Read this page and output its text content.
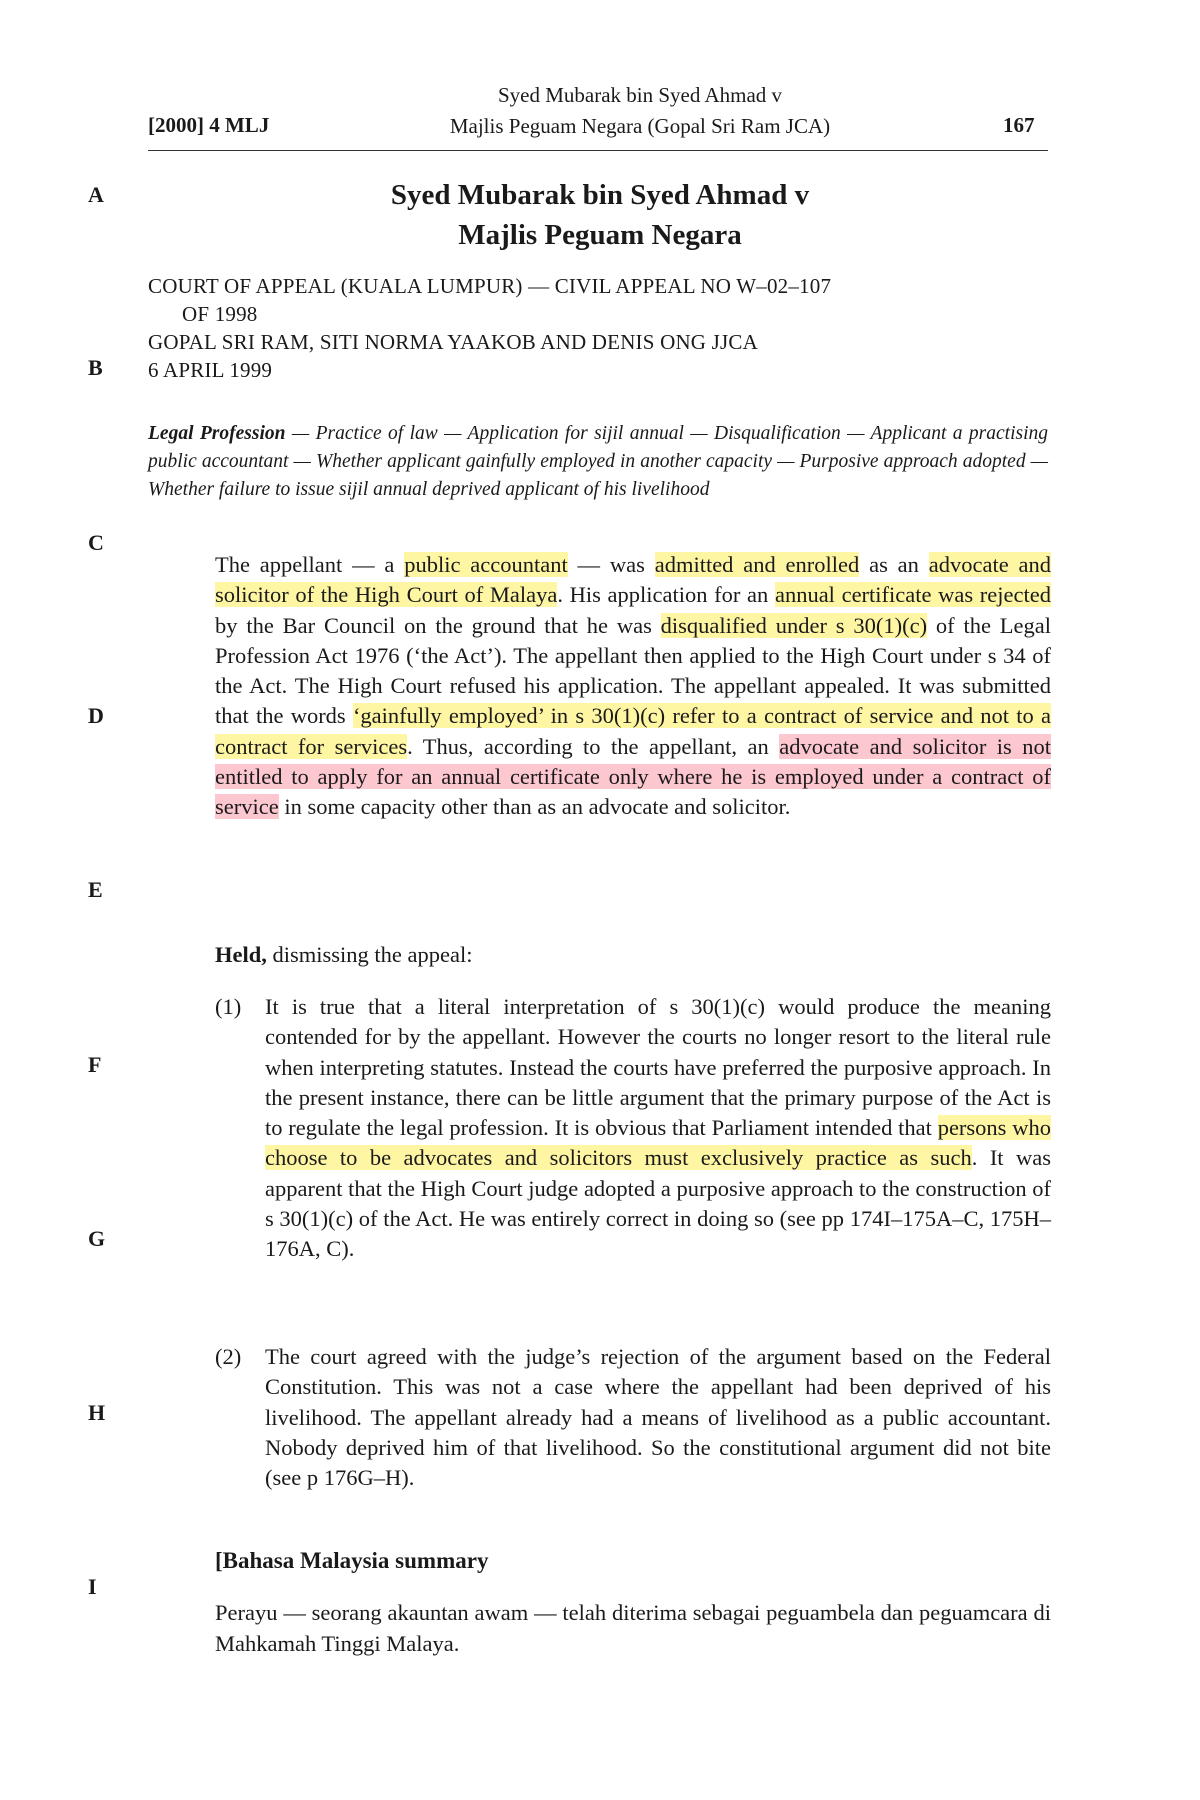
[2000] 4 MLJ
Syed Mubarak bin Syed Ahmad v
Majlis Peguam Negara (Gopal Sri Ram JCA)	167
A
B
C
D
E
F
G
H
I
Syed Mubarak bin Syed Ahmad v
Majlis Peguam Negara
COURT OF APPEAL (KUALA LUMPUR) — CIVIL APPEAL NO W–02–107
OF 1998
GOPAL SRI RAM, SITI NORMA YAAKOB AND DENIS ONG JJCA
6 APRIL 1999
Legal Profession — Practice of law — Application for sijil annual — Disqualification — Applicant a practising public accountant — Whether applicant gainfully employed in another capacity — Purposive approach adopted — Whether failure to issue sijil annual deprived applicant of his livelihood
The appellant — a public accountant — was admitted and enrolled as an advocate and solicitor of the High Court of Malaya. His application for an annual certificate was rejected by the Bar Council on the ground that he was disqualified under s 30(1)(c) of the Legal Profession Act 1976 (‘the Act’). The appellant then applied to the High Court under s 34 of the Act. The High Court refused his application. The appellant appealed. It was submitted that the words ‘gainfully employed’ in s 30(1)(c) refer to a contract of service and not to a contract for services. Thus, according to the appellant, an advocate and solicitor is not entitled to apply for an annual certificate only where he is employed under a contract of service in some capacity other than as an advocate and solicitor.
Held, dismissing the appeal:
(1) It is true that a literal interpretation of s 30(1)(c) would produce the meaning contended for by the appellant. However the courts no longer resort to the literal rule when interpreting statutes. Instead the courts have preferred the purposive approach. In the present instance, there can be little argument that the primary purpose of the Act is to regulate the legal profession. It is obvious that Parliament intended that persons who choose to be advocates and solicitors must exclusively practice as such. It was apparent that the High Court judge adopted a purposive approach to the construction of s 30(1)(c) of the Act. He was entirely correct in doing so (see pp 174I–175A–C, 175H–176A, C).
(2) The court agreed with the judge’s rejection of the argument based on the Federal Constitution. This was not a case where the appellant had been deprived of his livelihood. The appellant already had a means of livelihood as a public accountant. Nobody deprived him of that livelihood. So the constitutional argument did not bite (see p 176G–H).
[Bahasa Malaysia summary
Perayu — seorang akauntan awam — telah diterima sebagai peguambela dan peguamcara di Mahkamah Tinggi Malaya.
